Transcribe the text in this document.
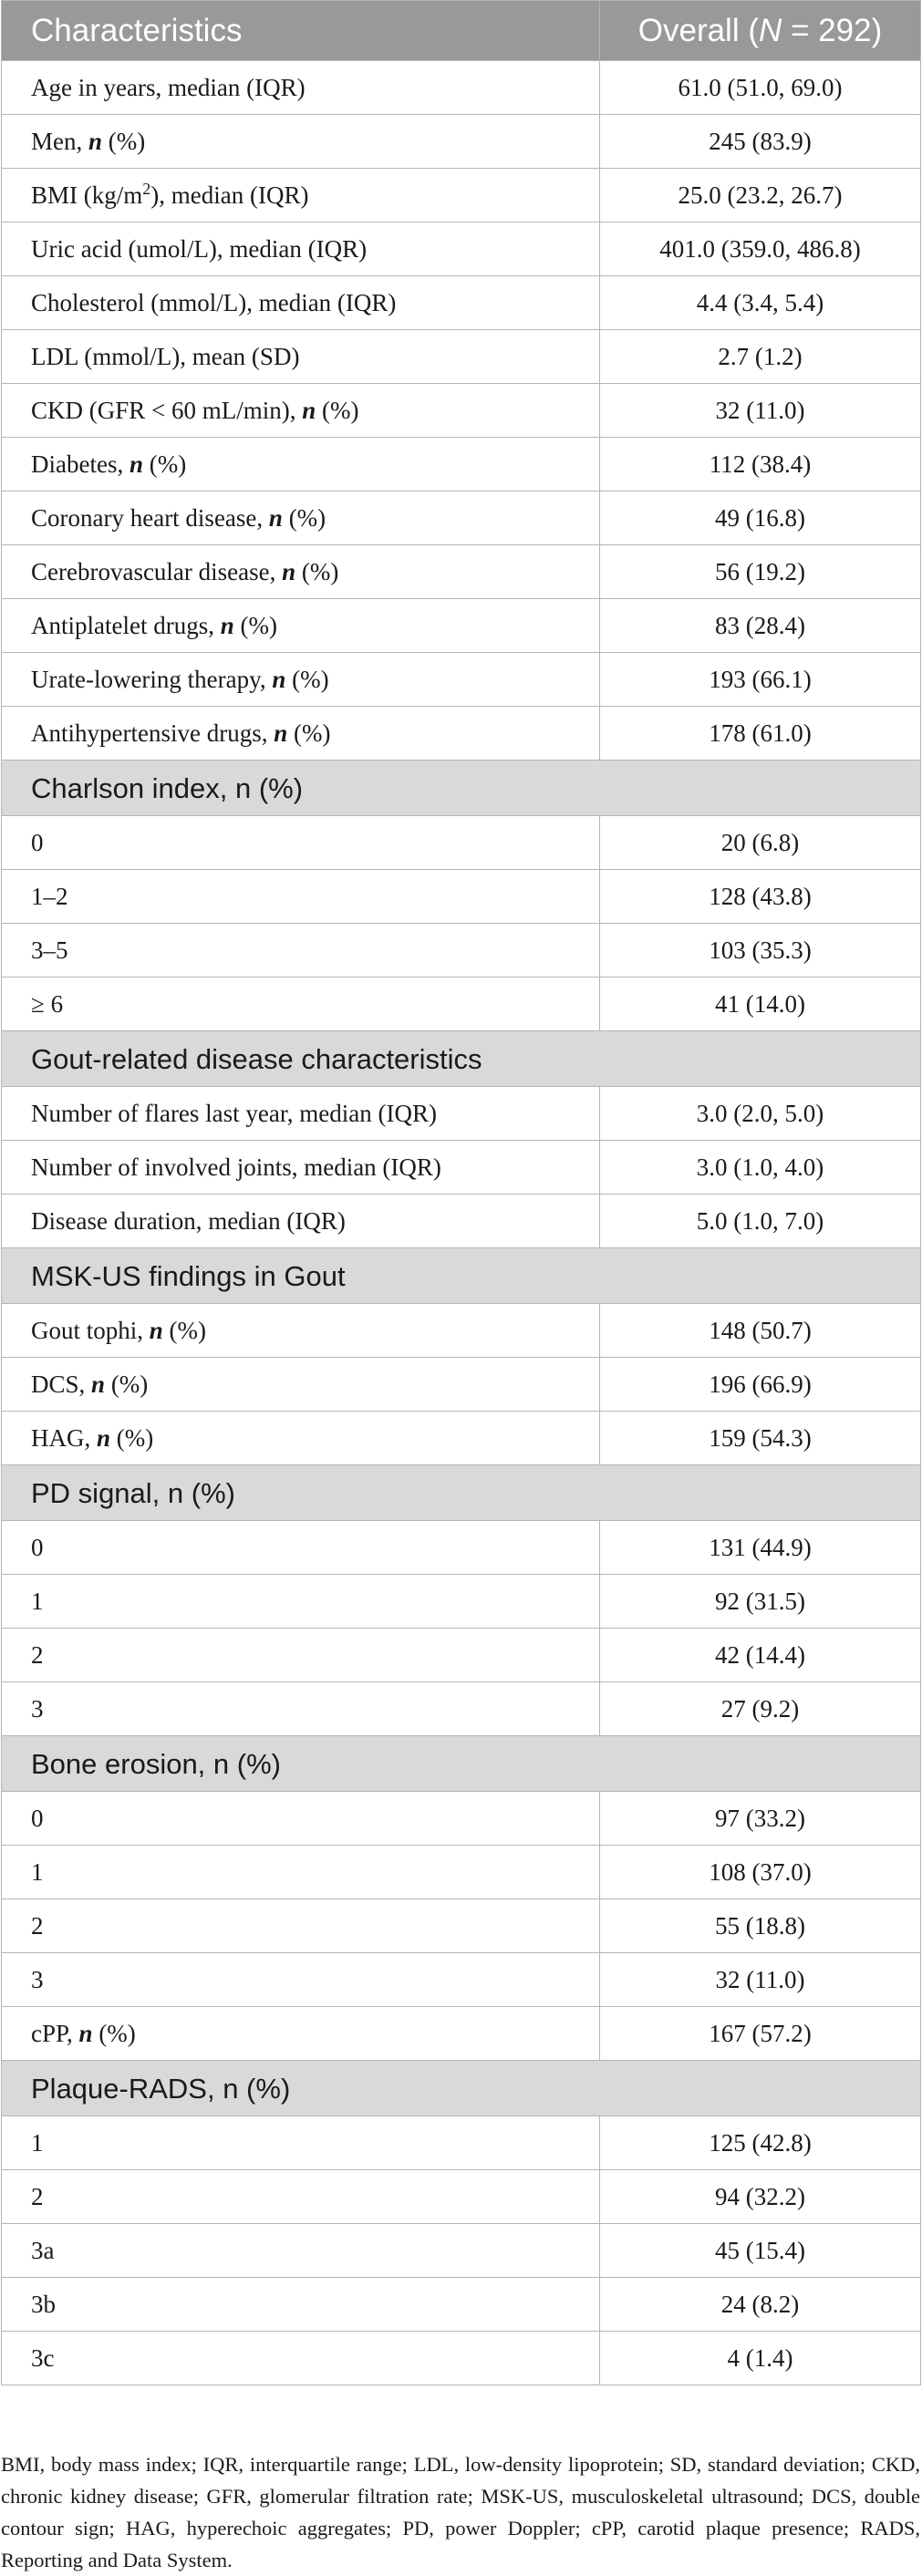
Characteristics	Overall (N = 292)
Age in years, median (IQR)	61.0 (51.0, 69.0)
Men, n (%)	245 (83.9)
BMI $(kg/m^2)$, median (IQR)	25.0 (23.2, 26.7)
Uric acid (umol/L), median (IQR)	401.0 (359.0, 486.8)
Cholesterol (mmol/L), median (IQR)	4.4 (3.4, 5.4)
LDL (mmol/L), mean (SD)	2.7 (1.2)
CKD (GFR < 60 mL/min), n (%)	32 (11.0)
Diabetes, n (%)	112 (38.4)
Coronary heart disease, n (%)	49 (16.8)
Cerebrovascular disease, n (%)	56 (19.2)
Antiplatelet drugs, n (%)	83 (28.4)
Urate-lowering therapy, n (%)	193 (66.1)
Antihypertensive drugs, n (%)	178 (61.0)
Charlson index, n (%)	
0	20 (6.8)
1–2	128 (43.8)
3–5	103 (35.3)
≥ 6	41 (14.0)
Gout-related disease characteristics	
Number of flares last year, median (IQR)	3.0 (2.0, 5.0)
Number of involved joints, median (IQR)	3.0 (1.0, 4.0)
Disease duration, median (IQR)	5.0 (1.0, 7.0)
MSK-US findings in Gout	
Gout tophi, n (%)	148 (50.7)
DCS, n (%)	196 (66.9)
HAG, n (%)	159 (54.3)
PD signal, n (%)	
0	131 (44.9)
1	92 (31.5)
2	42 (14.4)
3	27 (9.2)
Bone erosion, n (%)	
0	97 (33.2)
1	108 (37.0)
2	55 (18.8)
3	32 (11.0)
cPP, n (%)	167 (57.2)
Plaque-RADS, n (%)	
1	125 (42.8)
2	94 (32.2)
3a	45 (15.4)
3b	24 (8.2)
3c	4 (1.4)

BMI, body mass index; IQR, interquartile range; LDL, low-density lipoprotein; SD, standard deviation; CKD, chronic kidney disease; GFR, glomerular filtration rate; MSK-US, musculoskeletal ultrasound; DCS, double contour sign; HAG, hyperechoic aggregates; PD, power Doppler; cPP, carotid plaque presence; RADS, Reporting and Data System.
